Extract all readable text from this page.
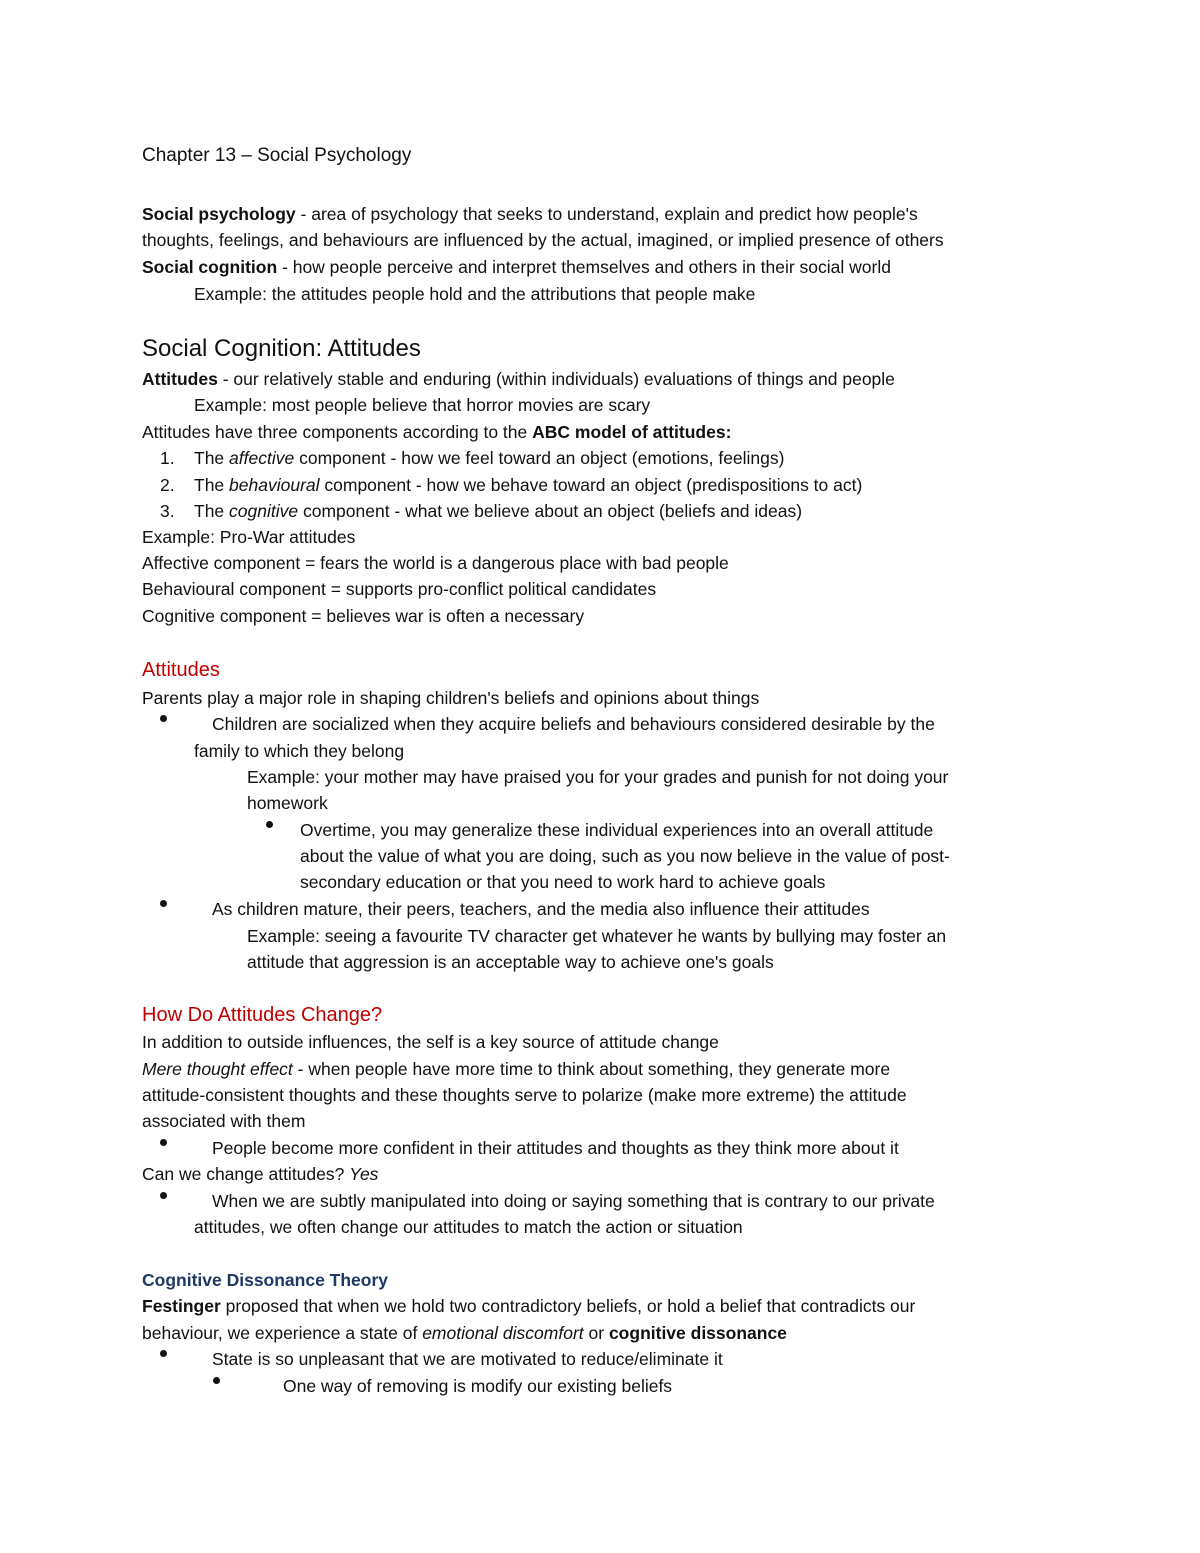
Chapter 13 – Social Psychology
Social psychology - area of psychology that seeks to understand, explain and predict how people's
thoughts, feelings, and behaviours are influenced by the actual, imagined, or implied presence of others
Social cognition - how people perceive and interpret themselves and others in their social world
Example: the attitudes people hold and the attributions that people make
Social Cognition: Attitudes
Attitudes - our relatively stable and enduring (within individuals) evaluations of things and people
Example: most people believe that horror movies are scary
Attitudes have three components according to the ABC model of attitudes:
1. The affective component - how we feel toward an object (emotions, feelings)
2. The behavioural component - how we behave toward an object (predispositions to act)
3. The cognitive component - what we believe about an object (beliefs and ideas)
Example: Pro-War attitudes
Affective component = fears the world is a dangerous place with bad people
Behavioural component = supports pro-conflict political candidates
Cognitive component = believes war is often a necessary
Attitudes
Parents play a major role in shaping children's beliefs and opinions about things
Children are socialized when they acquire beliefs and behaviours considered desirable by the
family to which they belong
Example: your mother may have praised you for your grades and punish for not doing your
homework
Overtime, you may generalize these individual experiences into an overall attitude
about the value of what you are doing, such as you now believe in the value of post-
secondary education or that you need to work hard to achieve goals
As children mature, their peers, teachers, and the media also influence their attitudes
Example: seeing a favourite TV character get whatever he wants by bullying may foster an
attitude that aggression is an acceptable way to achieve one's goals
How Do Attitudes Change?
In addition to outside influences, the self is a key source of attitude change
Mere thought effect - when people have more time to think about something, they generate more
attitude-consistent thoughts and these thoughts serve to polarize (make more extreme) the attitude
associated with them
People become more confident in their attitudes and thoughts as they think more about it
Can we change attitudes? Yes
When we are subtly manipulated into doing or saying something that is contrary to our private
attitudes, we often change our attitudes to match the action or situation
Cognitive Dissonance Theory
Festinger proposed that when we hold two contradictory beliefs, or hold a belief that contradicts our
behaviour, we experience a state of emotional discomfort or cognitive dissonance
State is so unpleasant that we are motivated to reduce/eliminate it
One way of removing is modify our existing beliefs
